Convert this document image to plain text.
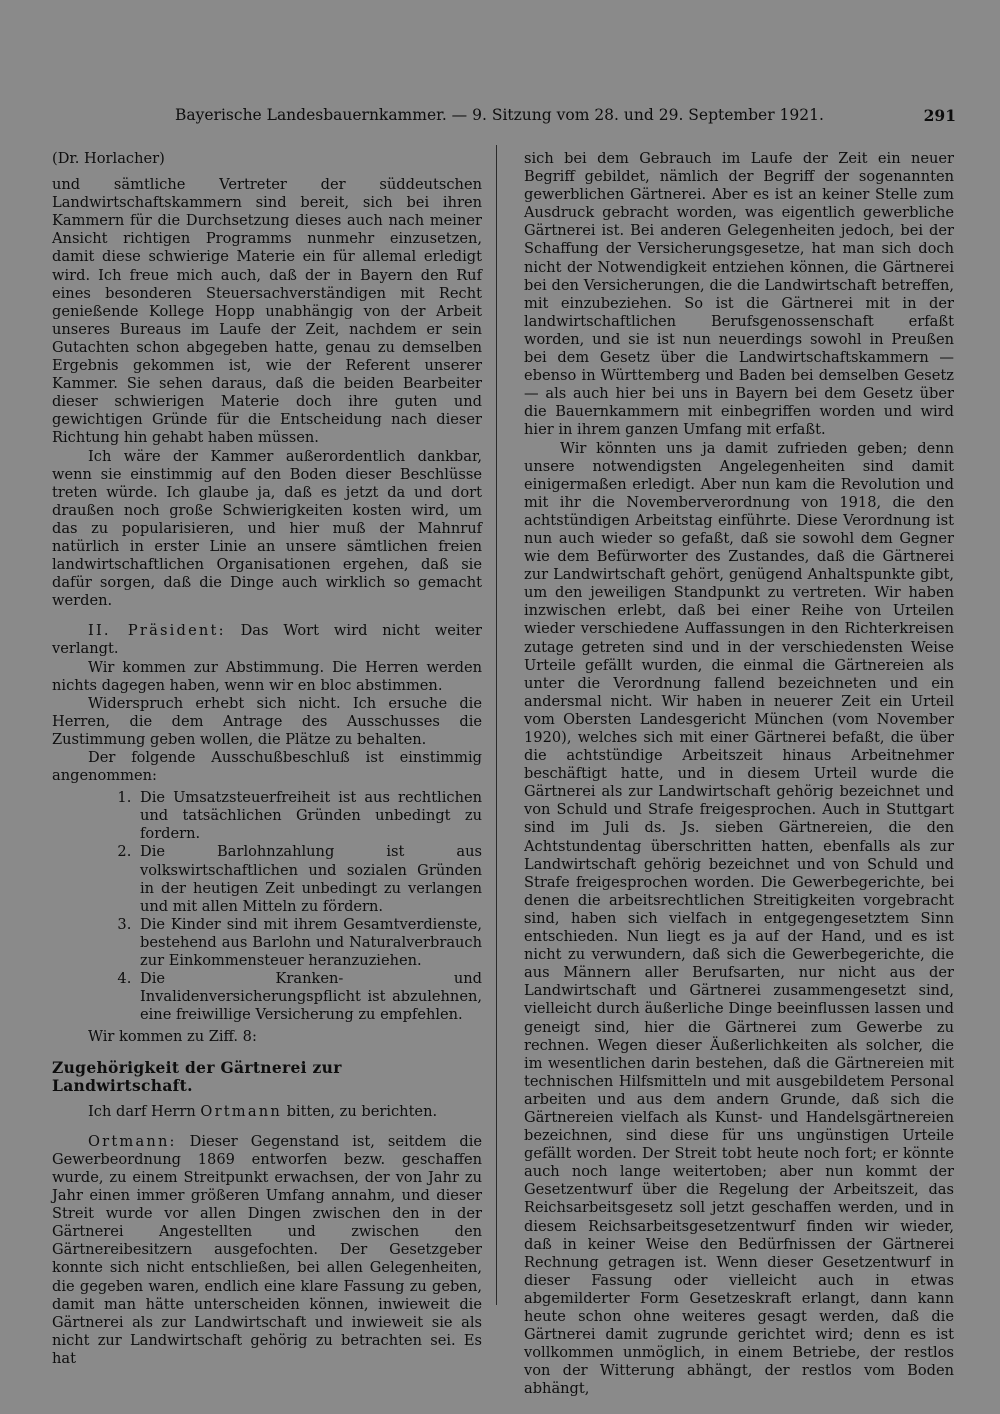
Bayerische Landesbauernkammer. — 9. Sitzung vom 28. und 29. September 1921.	291

(Dr. Horlacher)

und sämtliche Vertreter der süddeutschen Landwirtschaftskammern sind bereit, sich bei ihren Kammern für die Durchsetzung dieses auch nach meiner Ansicht richtigen Programms nunmehr einzusetzen, damit diese schwierige Materie ein für allemal erledigt wird. Ich freue mich auch, daß der in Bayern den Ruf eines besonderen Steuersachverständigen mit Recht genießende Kollege Hopp unabhängig von der Arbeit unseres Bureaus im Laufe der Zeit, nachdem er sein Gutachten schon abgegeben hatte, genau zu demselben Ergebnis gekommen ist, wie der Referent unserer Kammer. Sie sehen daraus, daß die beiden Bearbeiter dieser schwierigen Materie doch ihre guten und gewichtigen Gründe für die Entscheidung nach dieser Richtung hin gehabt haben müssen.

Ich wäre der Kammer außerordentlich dankbar, wenn sie einstimmig auf den Boden dieser Beschlüsse treten würde. Ich glaube ja, daß es jetzt da und dort draußen noch große Schwierigkeiten kosten wird, um das zu popularisieren, und hier muß der Mahnruf natürlich in erster Linie an unsere sämtlichen freien landwirtschaftlichen Organisationen ergehen, daß sie dafür sorgen, daß die Dinge auch wirklich so gemacht werden.

II. Präsident: Das Wort wird nicht weiter verlangt.

Wir kommen zur Abstimmung. Die Herren werden nichts dagegen haben, wenn wir en bloc abstimmen.

Widerspruch erhebt sich nicht. Ich ersuche die Herren, die dem Antrage des Ausschusses die Zustimmung geben wollen, die Plätze zu behalten.

Der folgende Ausschußbeschluß ist einstimmig angenommen:

1. Die Umsatzsteuerfreiheit ist aus rechtlichen und tatsächlichen Gründen unbedingt zu fordern.
2. Die Barlohnzahlung ist aus volkswirtschaftlichen und sozialen Gründen in der heutigen Zeit unbedingt zu verlangen und mit allen Mitteln zu fördern.
3. Die Kinder sind mit ihrem Gesamtverdienste, bestehend aus Barlohn und Naturalverbrauch zur Einkommensteuer heranzuziehen.
4. Die Kranken- und Invalidenversicherungspflicht ist abzulehnen, eine freiwillige Versicherung zu empfehlen.

Wir kommen zu Ziff. 8:

Zugehörigkeit der Gärtnerei zur Landwirtschaft.

Ich darf Herrn Ortmann bitten, zu berichten.

Ortmann: Dieser Gegenstand ist, seitdem die Gewerbeordnung 1869 entworfen bezw. geschaffen wurde, zu einem Streitpunkt erwachsen, der von Jahr zu Jahr einen immer größeren Umfang annahm, und dieser Streit wurde vor allen Dingen zwischen den in der Gärtnerei Angestellten und zwischen den Gärtnereibesitzern ausgefochten. Der Gesetzgeber konnte sich nicht entschließen, bei allen Gelegenheiten, die gegeben waren, endlich eine klare Fassung zu geben, damit man hätte unterscheiden können, inwieweit die Gärtnerei als zur Landwirtschaft und inwieweit sie als nicht zur Landwirtschaft gehörig zu betrachten sei. Es hat

sich bei dem Gebrauch im Laufe der Zeit ein neuer Begriff gebildet, nämlich der Begriff der sogenannten gewerblichen Gärtnerei. Aber es ist an keiner Stelle zum Ausdruck gebracht worden, was eigentlich gewerbliche Gärtnerei ist. Bei anderen Gelegenheiten jedoch, bei der Schaffung der Versicherungsgesetze, hat man sich doch nicht der Notwendigkeit entziehen können, die Gärtnerei bei den Versicherungen, die die Landwirtschaft betreffen, mit einzubeziehen. So ist die Gärtnerei mit in der landwirtschaftlichen Berufsgenossenschaft erfaßt worden, und sie ist nun neuerdings sowohl in Preußen bei dem Gesetz über die Landwirtschaftskammern — ebenso in Württemberg und Baden bei demselben Gesetz — als auch hier bei uns in Bayern bei dem Gesetz über die Bauernkammern mit einbegriffen worden und wird hier in ihrem ganzen Umfang mit erfaßt.

Wir könnten uns ja damit zufrieden geben; denn unsere notwendigsten Angelegenheiten sind damit einigermaßen erledigt. Aber nun kam die Revolution und mit ihr die Novemberverordnung von 1918, die den achtstündigen Arbeitstag einführte. Diese Verordnung ist nun auch wieder so gefaßt, daß sie sowohl dem Gegner wie dem Befürworter des Zustandes, daß die Gärtnerei zur Landwirtschaft gehört, genügend Anhaltspunkte gibt, um den jeweiligen Standpunkt zu vertreten. Wir haben inzwischen erlebt, daß bei einer Reihe von Urteilen wieder verschiedene Auffassungen in den Richterkreisen zutage getreten sind und in der verschiedensten Weise Urteile gefällt wurden, die einmal die Gärtnereien als unter die Verordnung fallend bezeichneten und ein andersmal nicht. Wir haben in neuerer Zeit ein Urteil vom Obersten Landesgericht München (vom November 1920), welches sich mit einer Gärtnerei befaßt, die über die achtstündige Arbeitszeit hinaus Arbeitnehmer beschäftigt hatte, und in diesem Urteil wurde die Gärtnerei als zur Landwirtschaft gehörig bezeichnet und von Schuld und Strafe freigesprochen. Auch in Stuttgart sind im Juli ds. Js. sieben Gärtnereien, die den Achtstundentag überschritten hatten, ebenfalls als zur Landwirtschaft gehörig bezeichnet und von Schuld und Strafe freigesprochen worden. Die Gewerbegerichte, bei denen die arbeitsrechtlichen Streitigkeiten vorgebracht sind, haben sich vielfach in entgegengesetztem Sinn entschieden. Nun liegt es ja auf der Hand, und es ist nicht zu verwundern, daß sich die Gewerbegerichte, die aus Männern aller Berufsarten, nur nicht aus der Landwirtschaft und Gärtnerei zusammengesetzt sind, vielleicht durch äußerliche Dinge beeinflussen lassen und geneigt sind, hier die Gärtnerei zum Gewerbe zu rechnen. Wegen dieser Äußerlichkeiten als solcher, die im wesentlichen darin bestehen, daß die Gärtnereien mit technischen Hilfsmitteln und mit ausgebildetem Personal arbeiten und aus dem andern Grunde, daß sich die Gärtnereien vielfach als Kunst- und Handelsgärtnereien bezeichnen, sind diese für uns ungünstigen Urteile gefällt worden. Der Streit tobt heute noch fort; er könnte auch noch lange weitertoben; aber nun kommt der Gesetzentwurf über die Regelung der Arbeitszeit, das Reichsarbeitsgesetz soll jetzt geschaffen werden, und in diesem Reichsarbeitsgesetzentwurf finden wir wieder, daß in keiner Weise den Bedürfnissen der Gärtnerei Rechnung getragen ist. Wenn dieser Gesetzentwurf in dieser Fassung oder vielleicht auch in etwas abgemilderter Form Gesetzeskraft erlangt, dann kann heute schon ohne weiteres gesagt werden, daß die Gärtnerei damit zugrunde gerichtet wird; denn es ist vollkommen unmöglich, in einem Betriebe, der restlos von der Witterung abhängt, der restlos vom Boden abhängt,
